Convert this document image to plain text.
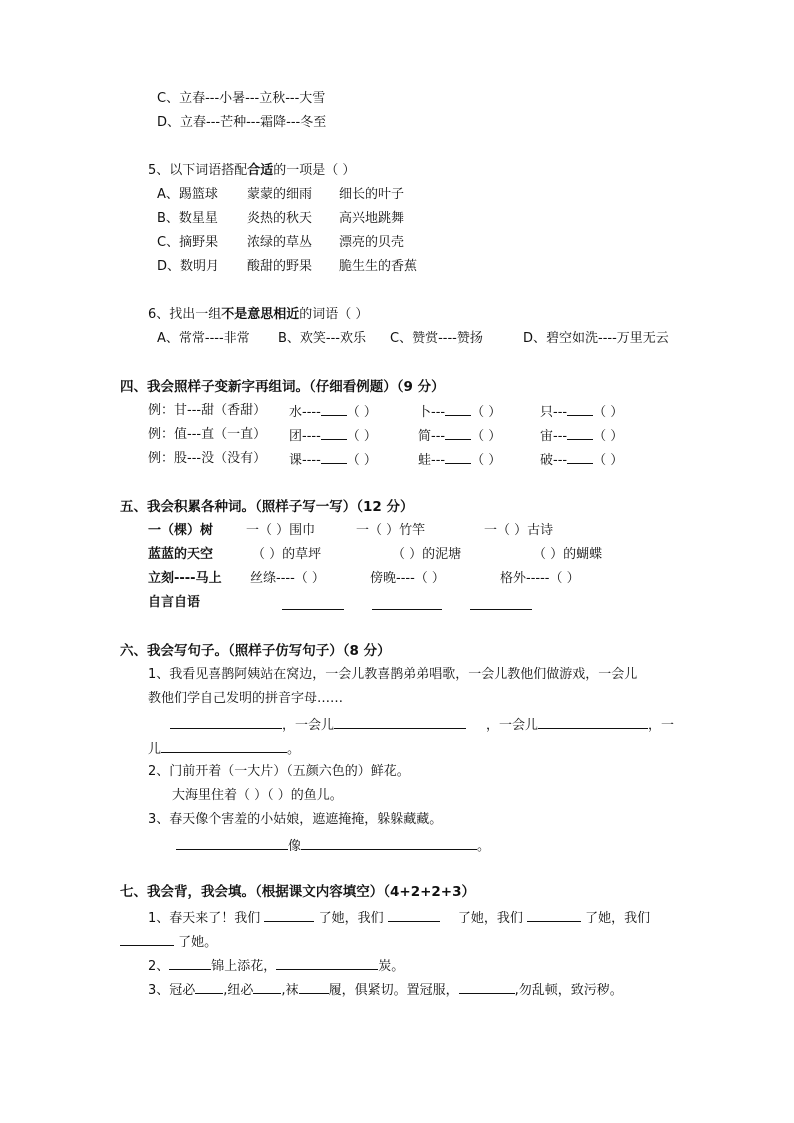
C、立春---小暑---立秋---大雪
D、立春---芒种---霜降---冬至
5、以下词语搭配合适的一项是（ ）
A、踢篮球 蒙蒙的细雨 细长的叶子
B、数星星 炎热的秋天 高兴地跳舞
C、摘野果 浓绿的草丛 漂亮的贝壳
D、数明月 酸甜的野果 脆生生的香蕉
6、找出一组不是意思相近的词语（ ）
A、常常----非常 B、欢笑---欢乐 C、赞赏----赞扬	D、碧空如洗----万里无云
四、我会照样子变新字再组词。（仔细看例题）（9 分）
例：甘---甜（香甜） 水---- （ ）	卜--- （ ）	只--- （ ）
例：值---直（一直） 团---- （ ）	简--- （ ）	宙--- （ ）
例：股---没（没有） 课---- （ ）	蛙--- （ ）	破--- （ ）
五、我会积累各种词。（照样子写一写）（12 分）
一（棵）树	一（ ）围巾	一（ ）竹竿	一（ ）古诗
蓝蓝的天空	（ ）的草坪	（ ）的泥塘	（ ）的蝴蝶
立刻----马上 丝绦----（ ）	傍晚----（ ）	格外-----（ ）
自言自语
六、我会写句子。（照样子仿写句子）（8 分）
1、我看见喜鹊阿姨站在窝边，一会儿教喜鹊弟弟唱歌，一会儿教他们做游戏，一会儿
教他们学自己发明的拼音字母……
，一会儿	，一会儿	，一
儿	。
2、门前开着（一大片）（五颜六色的）鲜花。
大海里住着（ ）（ ）的鱼儿。
3、春天像个害羞的小姑娘，遮遮掩掩，躲躲藏藏。
像	。
七、我会背，我会填。（根据课文内容填空）（4+2+2+3）
1、春天来了！我们	了她，我们	了她，我们	了她，我们
了她。
2、	锦上添花，	炭。
3、冠必 ,纽必 ,袜 履，俱紧切。置冠服，	,勿乱顿，致污秽。
